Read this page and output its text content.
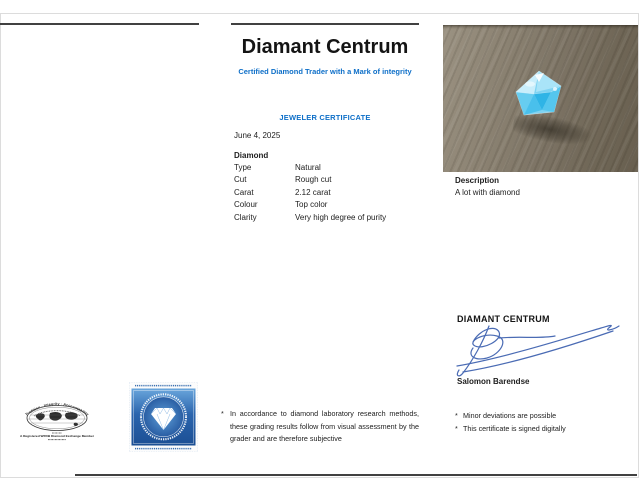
Diamant Centrum
Certified Diamond Trader with a Mark of integrity
JEWELER CERTIFICATE
June 4, 2025
Diamond
Type	Natural
Cut	Rough cut
Carat	2.12 carat
Colour	Top color
Clarity	Very high degree of purity
Description
A lot with diamond
DIAMANT CENTRUM
Salomon Barendse
* In accordance to diamond laboratory research methods, these grading results follow from visual assessment by the grader and are therefore subjective

* Minor deviations are possible
* This certificate is signed digitally
Tradition · Integrity · Accountability
A Registered WFDB Diamond Exchange Member
